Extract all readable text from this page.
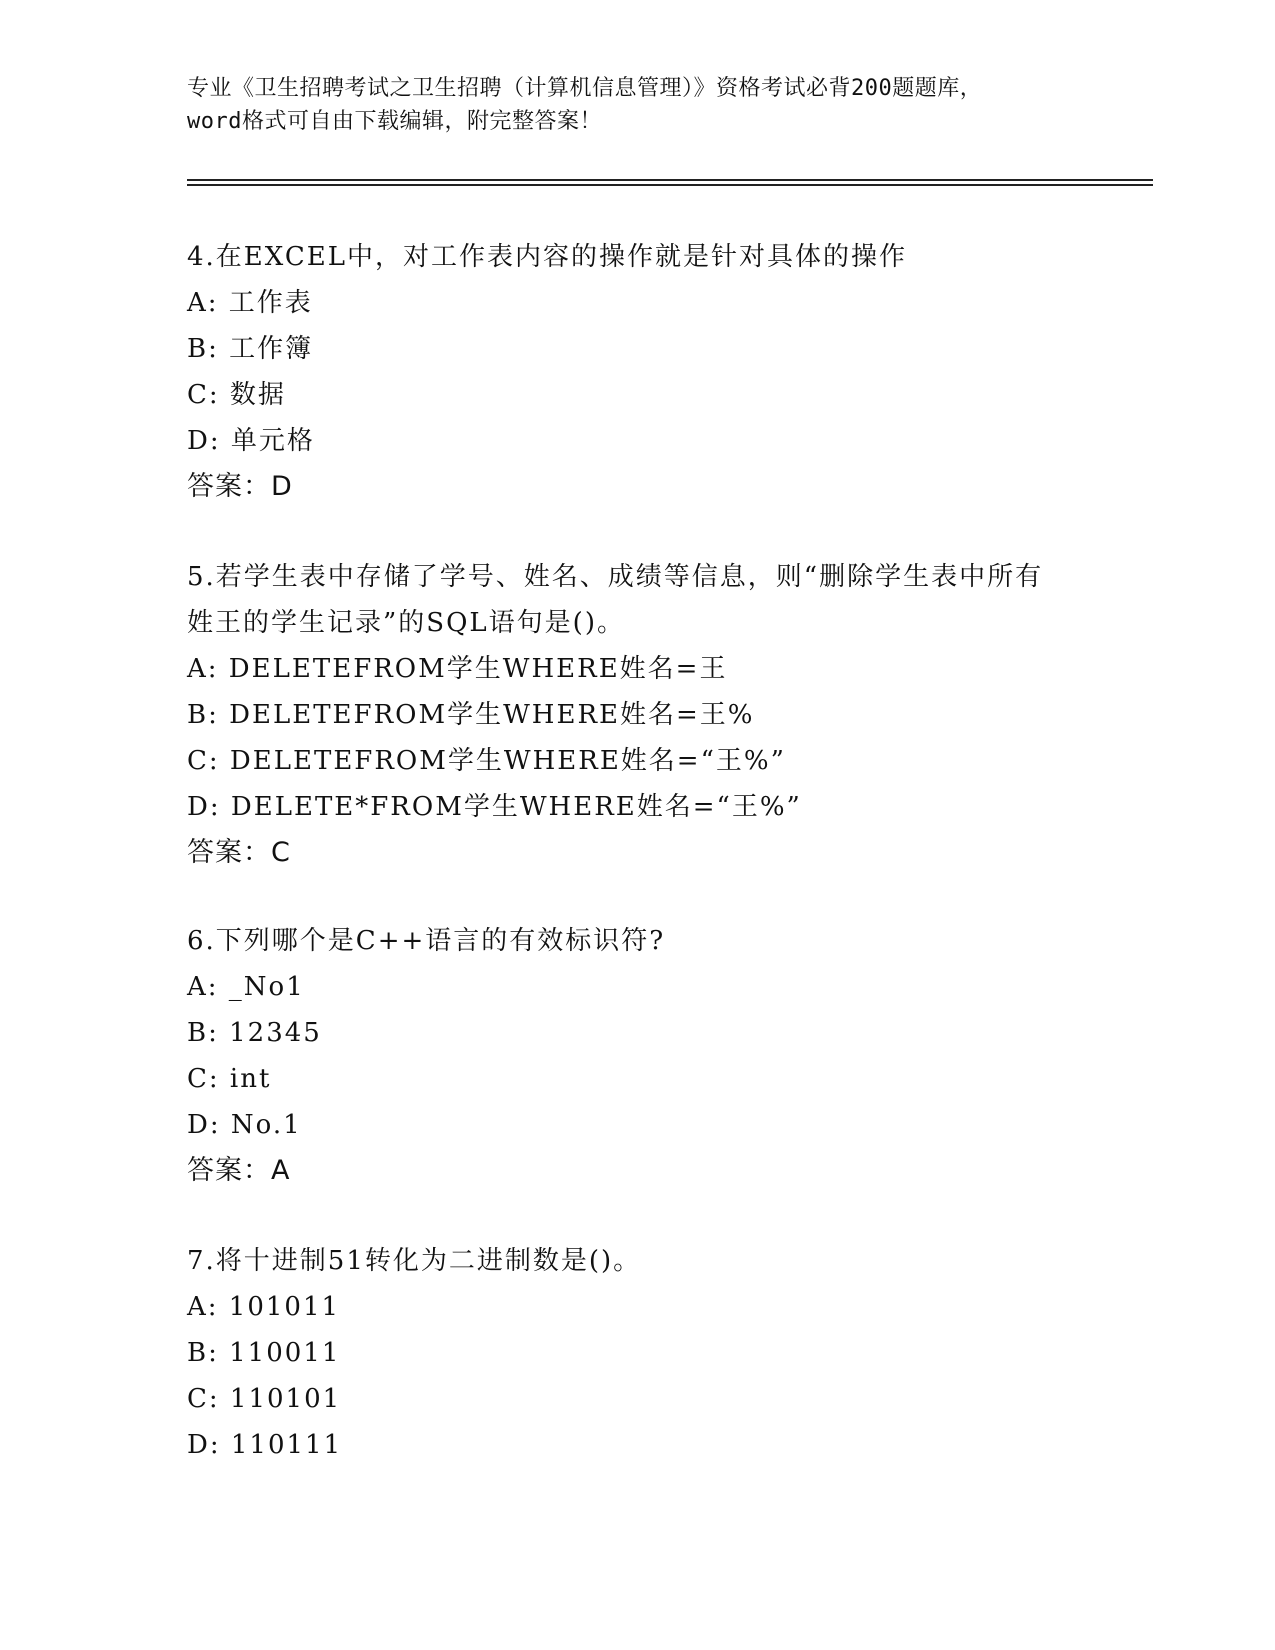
专业《卫生招聘考试之卫生招聘（计算机信息管理）》资格考试必背200题题库，
word格式可自由下载编辑，附完整答案！

4.在EXCEL中，对工作表内容的操作就是针对具体的操作

A: 工作表

B: 工作簿

C: 数据

D: 单元格

答案：D

5.若学生表中存储了学号、姓名、成绩等信息，则“删除学生表中所有姓王的学生记录”的SQL语句是()。

A: DELETEFROM学生WHERE姓名=王

B: DELETEFROM学生WHERE姓名=王%

C: DELETEFROM学生WHERE姓名=“王%”

D: DELETE*FROM学生WHERE姓名=“王%”

答案：C

6.下列哪个是C++语言的有效标识符?

A: _No1

B: 12345

C: int

D: No.1

答案：A

7.将十进制51转化为二进制数是()。

A: 101011

B: 110011

C: 110101

D: 110111
